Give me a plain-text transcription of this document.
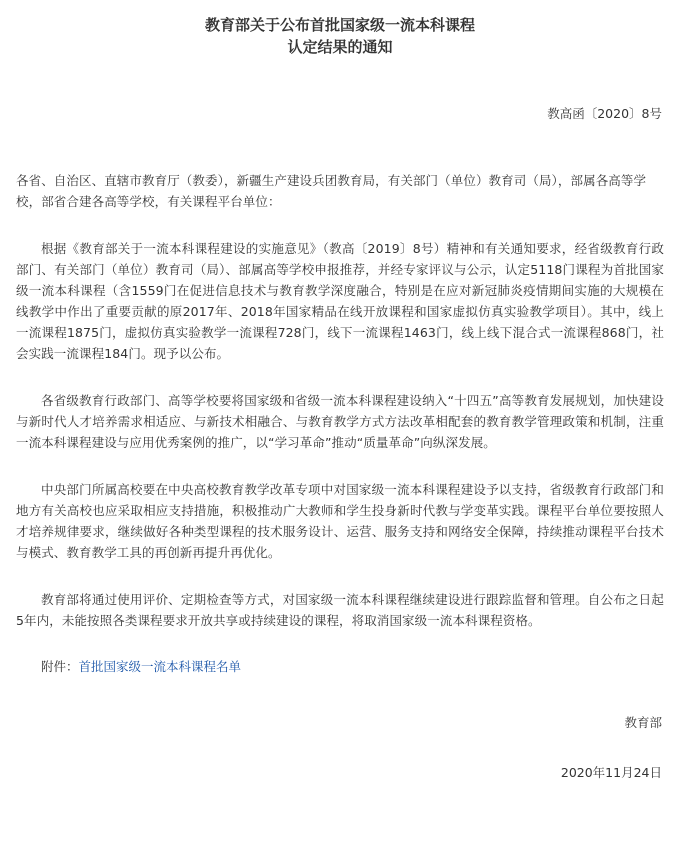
教育部关于公布首批国家级一流本科课程
认定结果的通知
教高函〔2020〕8号
各省、自治区、直辖市教育厅（教委），新疆生产建设兵团教育局，有关部门（单位）教育司（局），部属各高等学校，部省合建各高等学校，有关课程平台单位：

根据《教育部关于一流本科课程建设的实施意见》（教高〔2019〕8号）精神和有关通知要求，经省级教育行政部门、有关部门（单位）教育司（局）、部属高等学校申报推荐，并经专家评议与公示，认定5118门课程为首批国家级一流本科课程（含1559门在促进信息技术与教育教学深度融合，特别是在应对新冠肺炎疫情期间实施的大规模在线教学中作出了重要贡献的原2017年、2018年国家精品在线开放课程和国家虚拟仿真实验教学项目）。其中，线上一流课程1875门，虚拟仿真实验教学一流课程728门，线下一流课程1463门，线上线下混合式一流课程868门，社会实践一流课程184门。现予以公布。

各省级教育行政部门、高等学校要将国家级和省级一流本科课程建设纳入“十四五”高等教育发展规划，加快建设与新时代人才培养需求相适应、与新技术相融合、与教育教学方式方法改革相配套的教育教学管理政策和机制，注重一流本科课程建设与应用优秀案例的推广，以“学习革命”推动“质量革命”向纵深发展。

中央部门所属高校要在中央高校教育教学改革专项中对国家级一流本科课程建设予以支持，省级教育行政部门和地方有关高校也应采取相应支持措施，积极推动广大教师和学生投身新时代教与学变革实践。课程平台单位要按照人才培养规律要求，继续做好各种类型课程的技术服务设计、运营、服务支持和网络安全保障，持续推动课程平台技术与模式、教育教学工具的再创新再提升再优化。

教育部将通过使用评价、定期检查等方式，对国家级一流本科课程继续建设进行跟踪监督和管理。自公布之日起5年内，未能按照各类课程要求开放共享或持续建设的课程，将取消国家级一流本科课程资格。

附件：首批国家级一流本科课程名单
教育部
2020年11月24日
